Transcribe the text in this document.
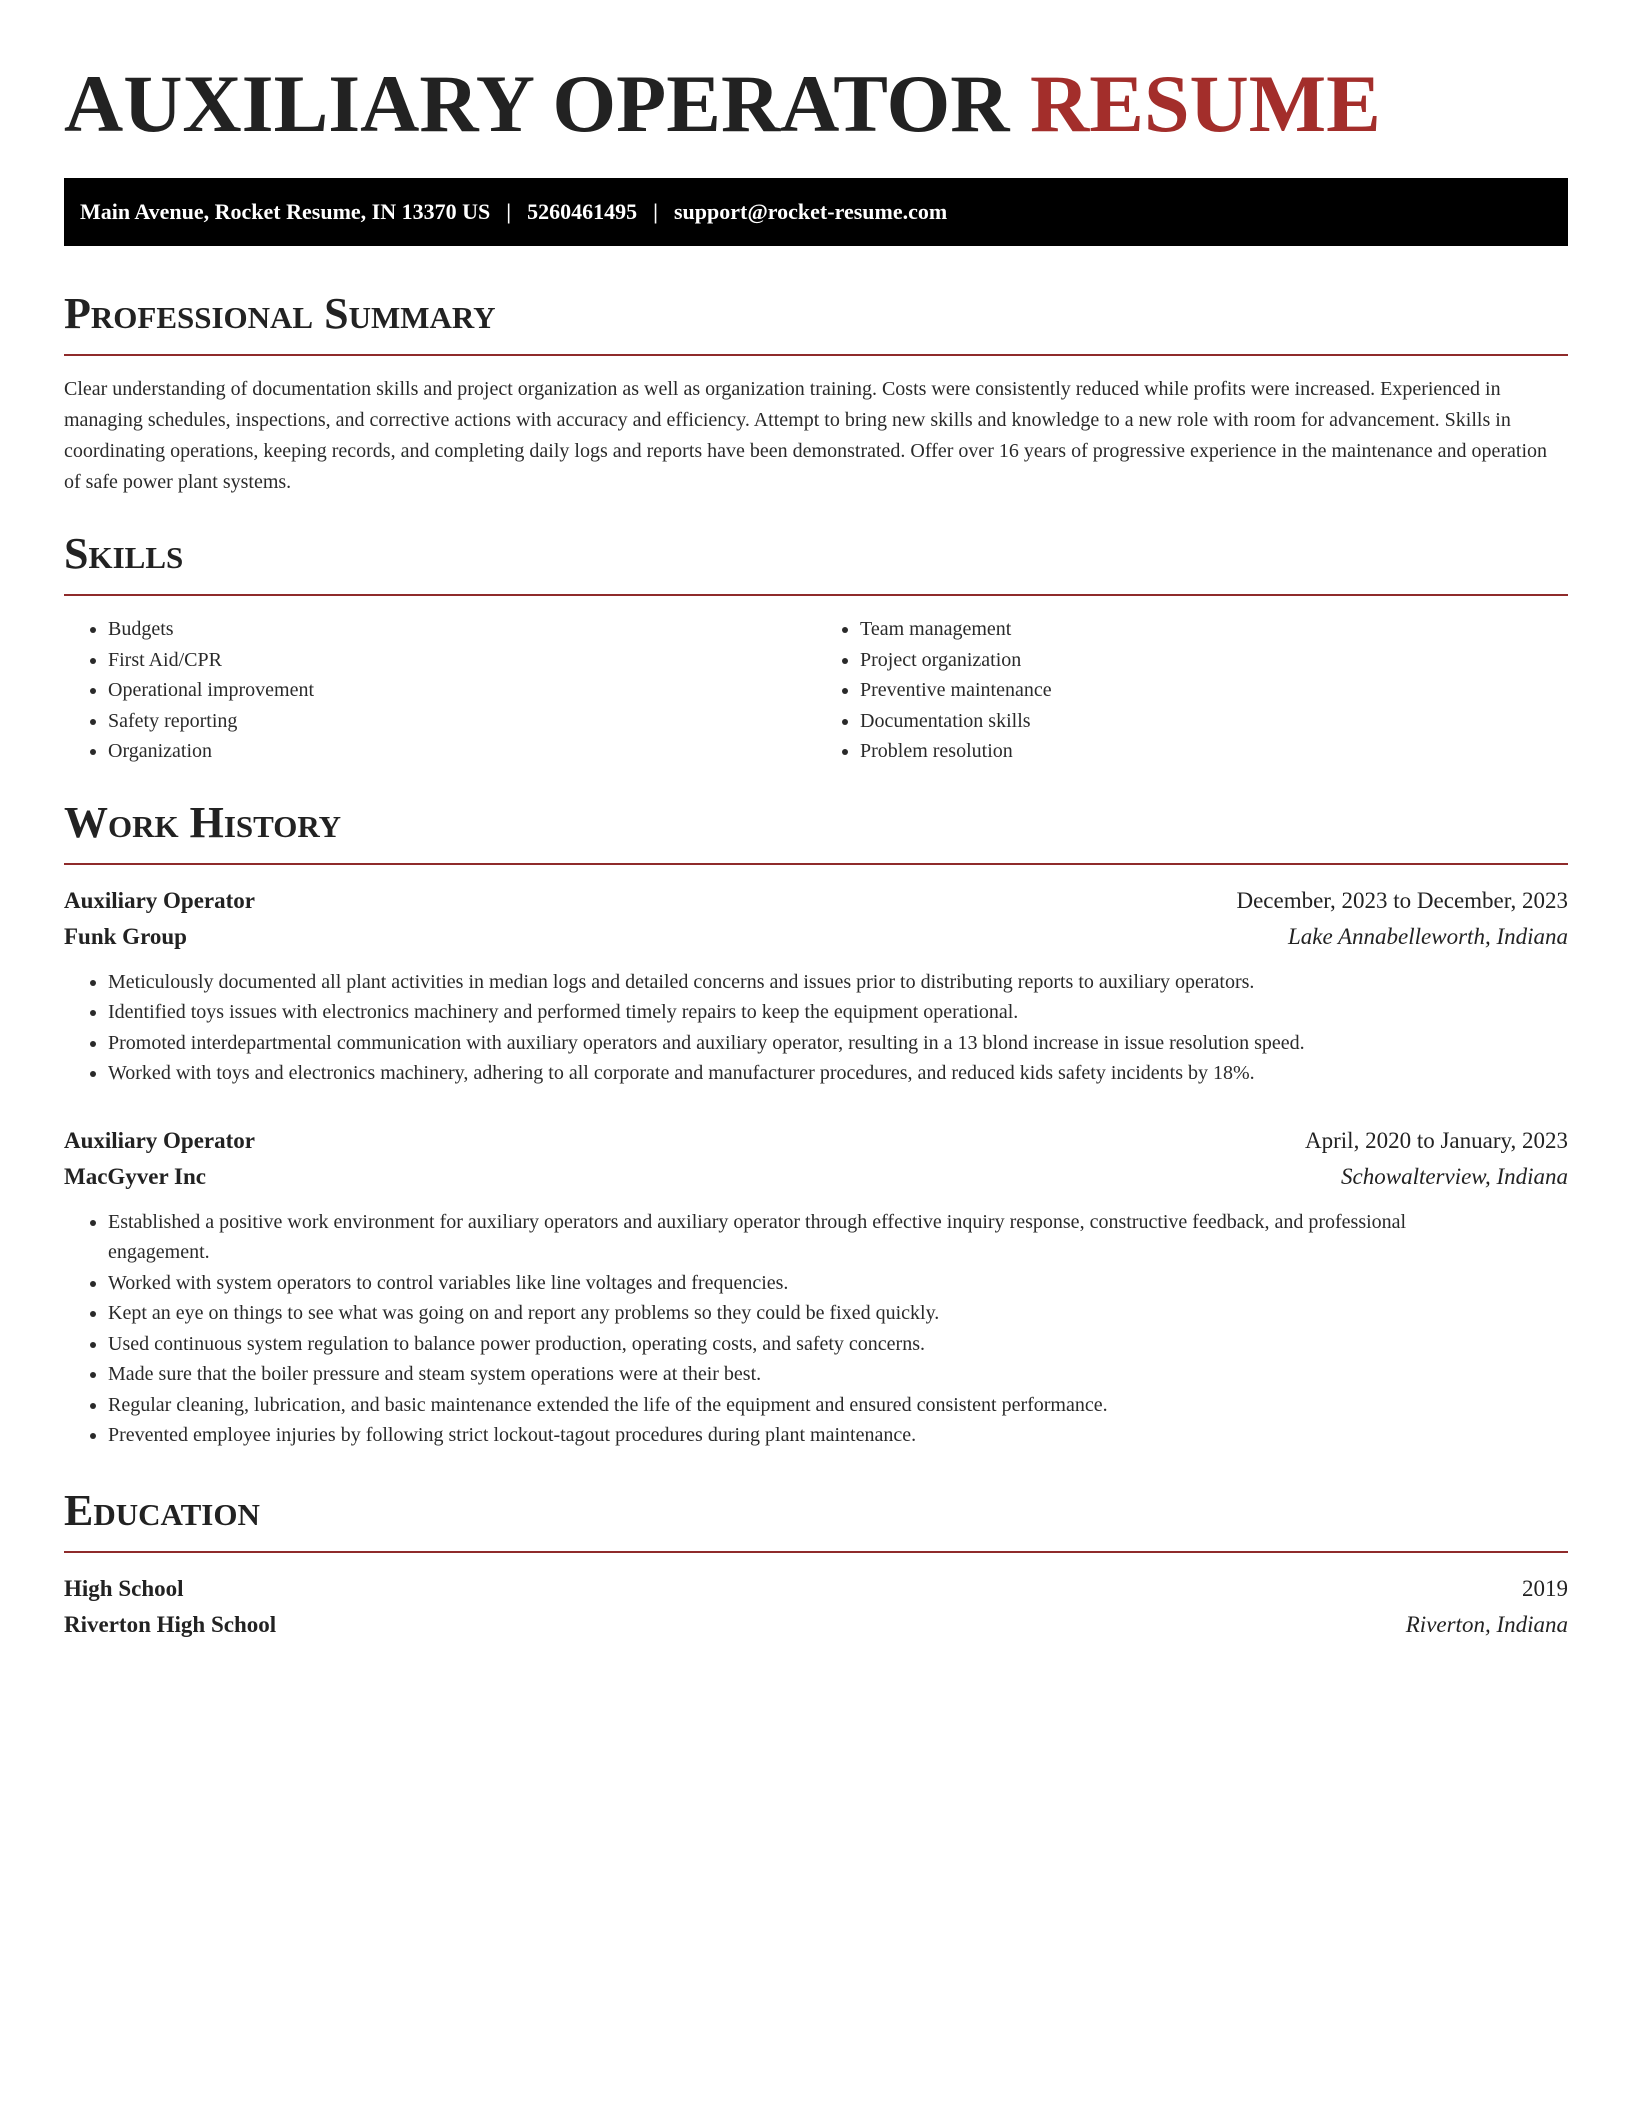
AUXILIARY OPERATOR RESUME
Main Avenue, Rocket Resume, IN 13370 US | 5260461495 | support@rocket-resume.com
Professional Summary

Clear understanding of documentation skills and project organization as well as organization training. Costs were consistently reduced while profits were increased. Experienced in managing schedules, inspections, and corrective actions with accuracy and efficiency. Attempt to bring new skills and knowledge to a new role with room for advancement. Skills in coordinating operations, keeping records, and completing daily logs and reports have been demonstrated. Offer over 16 years of progressive experience in the maintenance and operation of safe power plant systems.

Skills
• Budgets
• First Aid/CPR
• Operational improvement
• Safety reporting
• Organization
• Team management
• Project organization
• Preventive maintenance
• Documentation skills
• Problem resolution
Work History
Auxiliary Operator	December, 2023 to December, 2023
Funk Group	Lake Annabelleworth, Indiana
• Meticulously documented all plant activities in median logs and detailed concerns and issues prior to distributing reports to auxiliary operators.
• Identified toys issues with electronics machinery and performed timely repairs to keep the equipment operational.
• Promoted interdepartmental communication with auxiliary operators and auxiliary operator, resulting in a 13 blond increase in issue resolution speed.
• Worked with toys and electronics machinery, adhering to all corporate and manufacturer procedures, and reduced kids safety incidents by 18%.
Auxiliary Operator	April, 2020 to January, 2023
MacGyver Inc	Schowalterview, Indiana
• Established a positive work environment for auxiliary operators and auxiliary operator through effective inquiry response, constructive feedback, and professional engagement.
• Worked with system operators to control variables like line voltages and frequencies.
• Kept an eye on things to see what was going on and report any problems so they could be fixed quickly.
• Used continuous system regulation to balance power production, operating costs, and safety concerns.
• Made sure that the boiler pressure and steam system operations were at their best.
• Regular cleaning, lubrication, and basic maintenance extended the life of the equipment and ensured consistent performance.
• Prevented employee injuries by following strict lockout-tagout procedures during plant maintenance.
Education
High School	2019
Riverton High School	Riverton, Indiana
